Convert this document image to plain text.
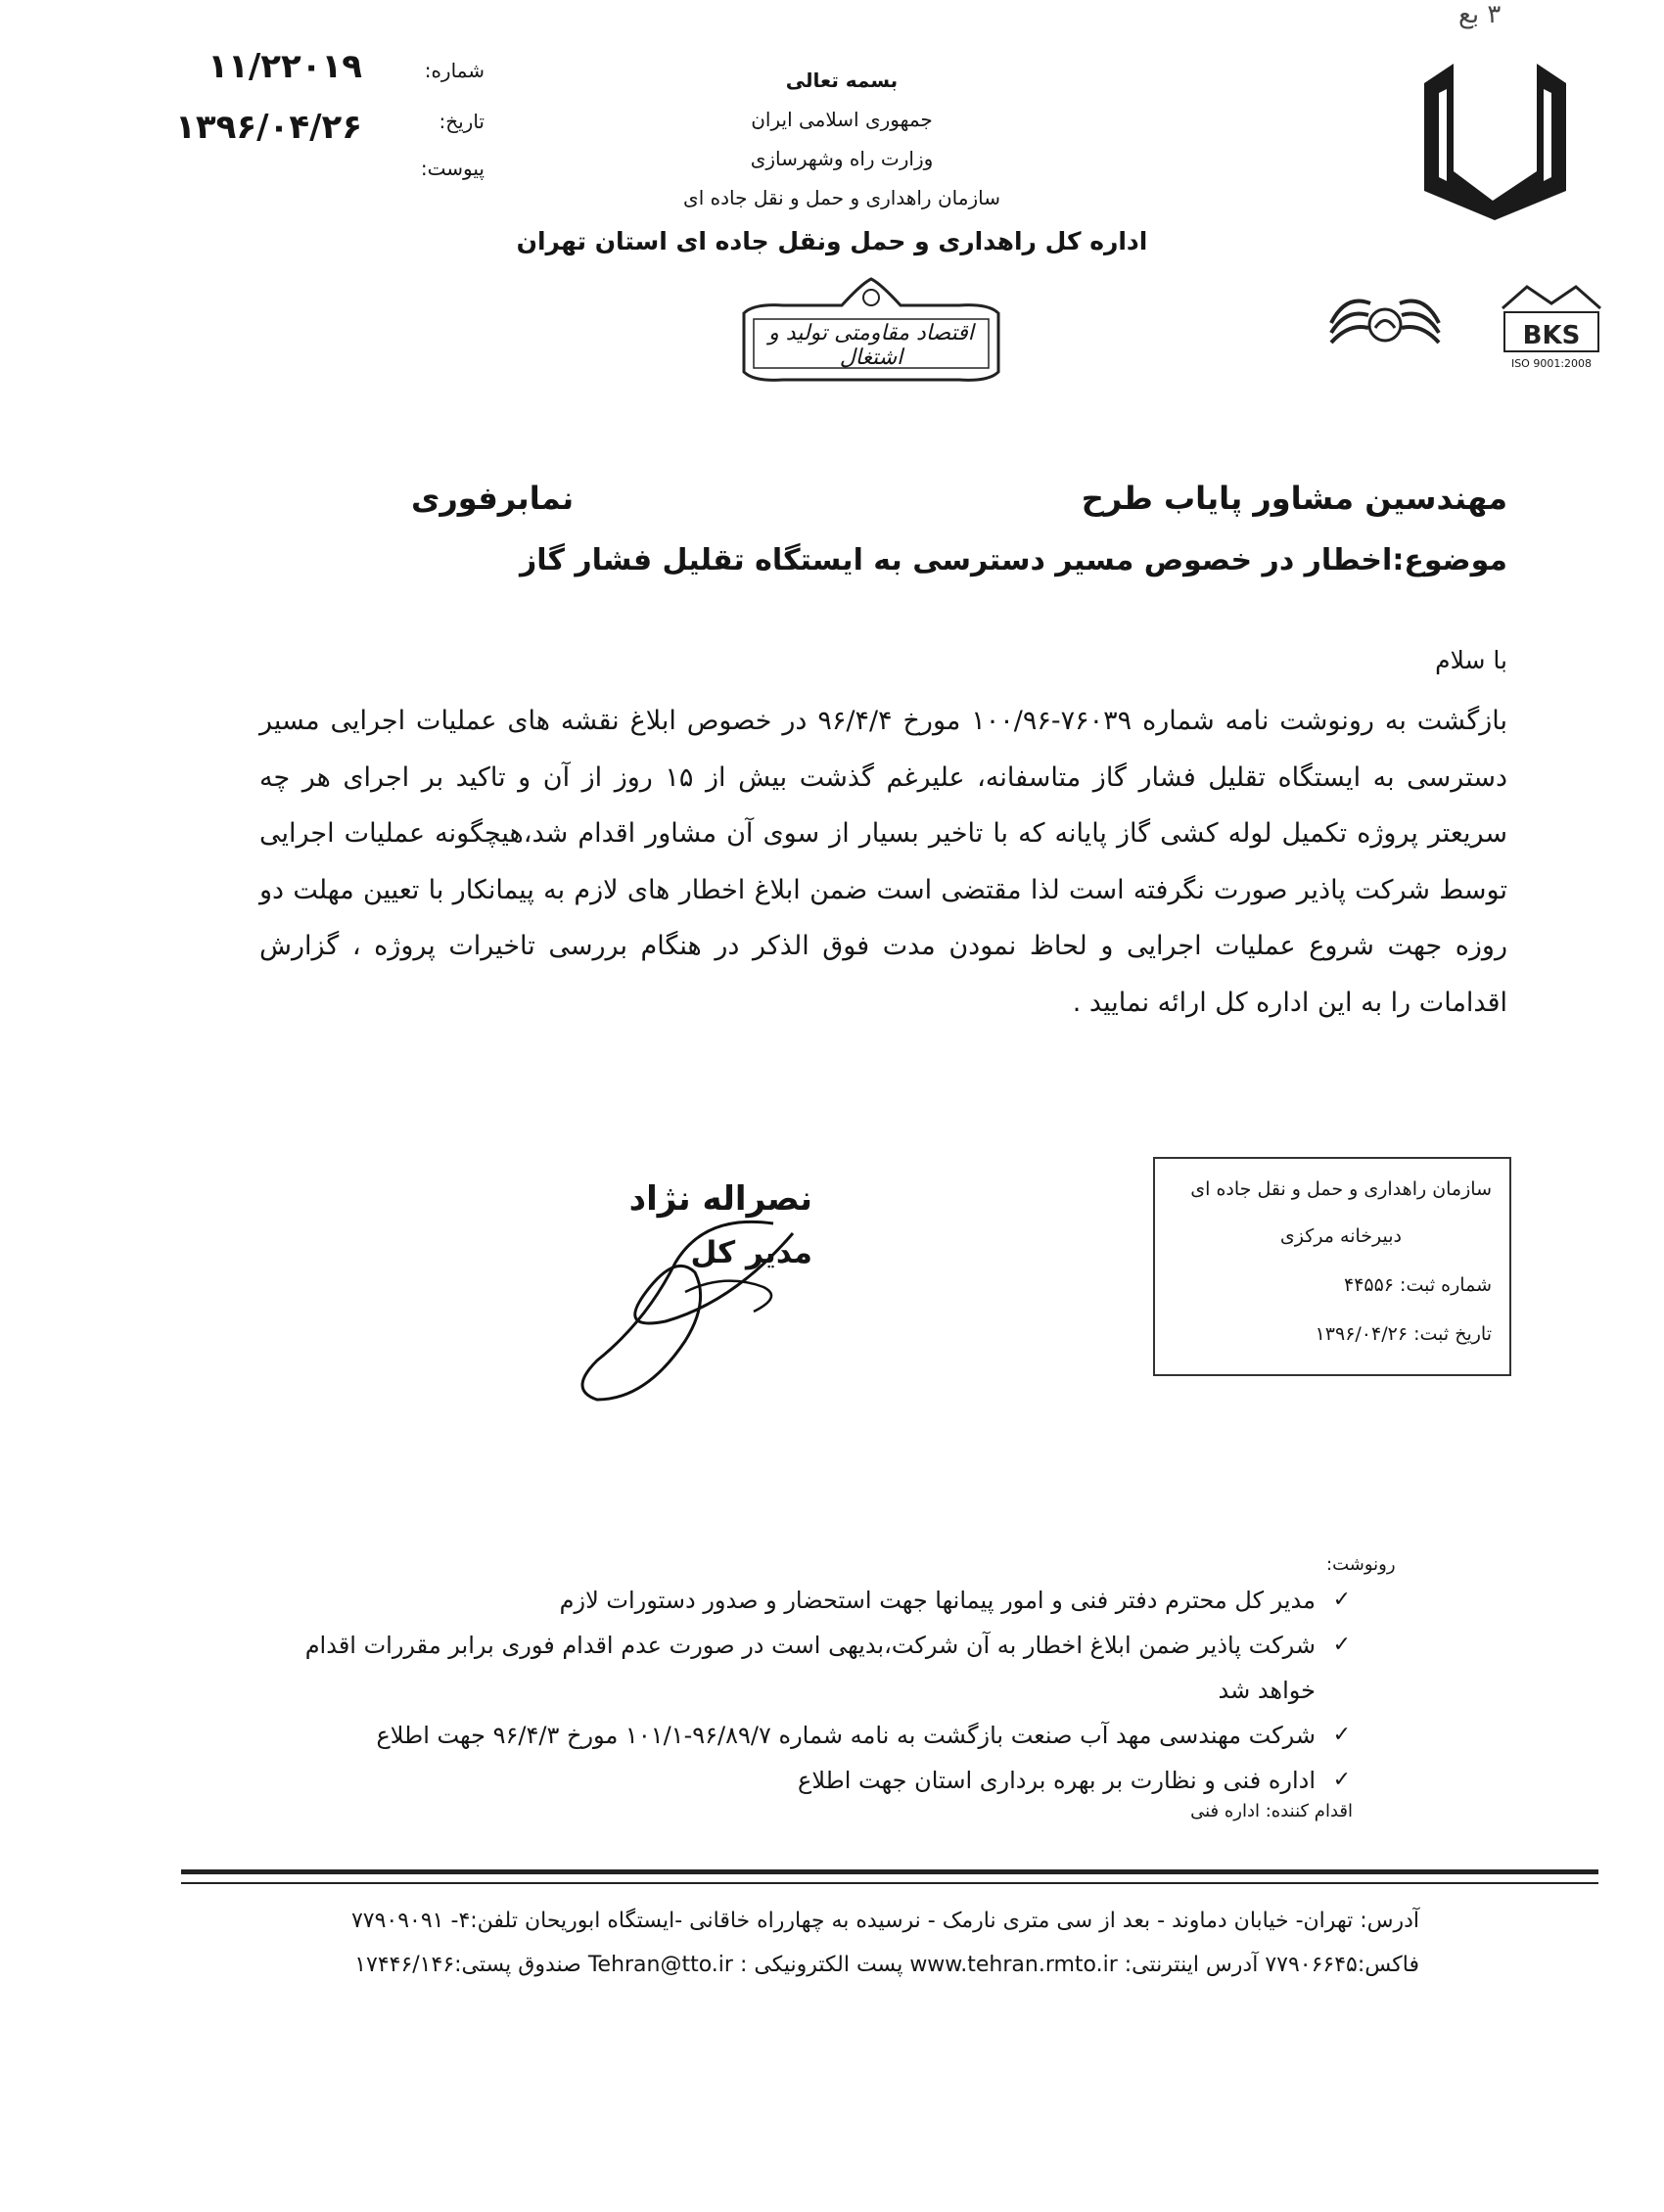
۳ بع
بسمه تعالی
جمهوری اسلامی ایران
وزارت راه وشهرسازی
سازمان راهداری و حمل و نقل جاده ای
اداره کل راهداری و حمل ونقل جاده ای استان تهران
اقتصاد مقاومتی تولید و اشتغال
BKS
ISO 9001:2008
شماره:
تاریخ:
پیوست:
۱۱/۲۲۰۱۹
۱۳۹۶/۰۴/۲۶
مهندسین مشاور پایاب طرح
نمابرفوری
موضوع:اخطار در خصوص مسیر دسترسی به ایستگاه تقلیل فشار گاز
با سلام
بازگشت به رونوشت نامه شماره ۷۶۰۳۹-۱۰۰/۹۶ مورخ ۹۶/۴/۴ در خصوص ابلاغ نقشه های عملیات اجرایی مسیر دسترسی به ایستگاه تقلیل فشار گاز متاسفانه، علیرغم گذشت بیش از ۱۵ روز از آن و تاکید بر اجرای هر چه سریعتر پروژه تکمیل لوله کشی گاز پایانه که با تاخیر بسیار از سوی آن مشاور اقدام شد،هیچگونه عملیات اجرایی توسط شرکت پاذیر صورت نگرفته است لذا مقتضی است ضمن ابلاغ اخطار های لازم به پیمانکار با تعیین مهلت دو روزه جهت شروع عملیات اجرایی و لحاظ نمودن مدت فوق الذکر در هنگام بررسی تاخیرات پروژه ، گزارش اقدامات را به این اداره کل ارائه نمایید .
نصراله نژاد
مدیر کل
سازمان راهداری و حمل و نقل جاده ای
دبیرخانه مرکزی
شماره ثبت: ۴۴۵۵۶
تاریخ ثبت: ۱۳۹۶/۰۴/۲۶
رونوشت:
✓
مدیر کل محترم دفتر فنی و امور پیمانها جهت استحضار و صدور دستورات لازم
✓
شرکت پاذیر ضمن ابلاغ اخطار به آن شرکت،بدیهی است در صورت عدم اقدام فوری برابر مقررات اقدام خواهد شد
✓
شرکت مهندسی مهد آب صنعت بازگشت به نامه شماره ۹۶/۸۹/۷-۱۰۱/۱ مورخ ۹۶/۴/۳ جهت اطلاع
✓
اداره فنی و نظارت بر بهره برداری استان جهت اطلاع
اقدام کننده: اداره فنی
آدرس: تهران- خیابان دماوند - بعد از سی متری نارمک - نرسیده به چهارراه خاقانی -ایستگاه ابوریحان تلفن:۴- ۷۷۹۰۹۰۹۱
فاکس:۷۷۹۰۶۶۴۵ آدرس اینترنتی: www.tehran.rmto.ir پست الکترونیکی : Tehran@tto.ir صندوق پستی:۱۷۴۴۶/۱۴۶
